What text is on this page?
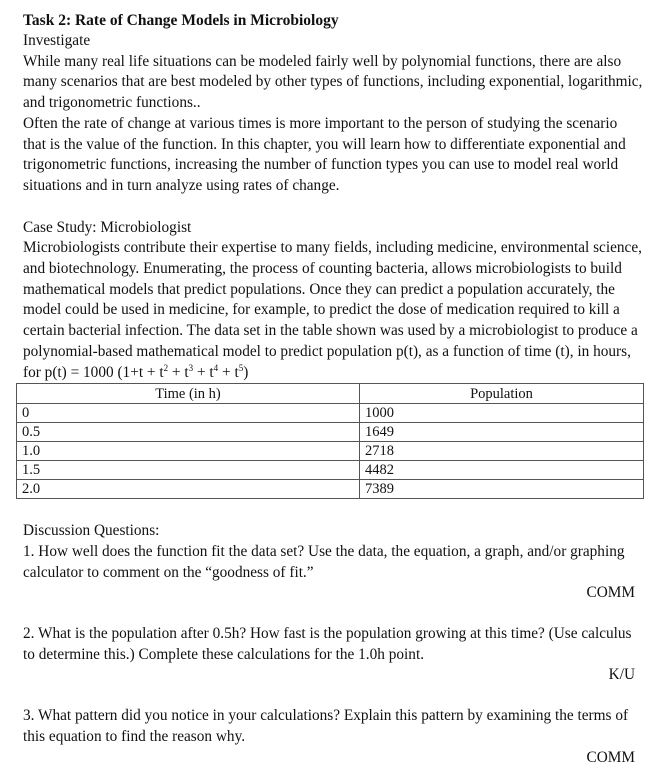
Task 2: Rate of Change Models in Microbiology
Investigate
While many real life situations can be modeled fairly well by polynomial functions, there are also many scenarios that are best modeled by other types of functions, including exponential, logarithmic, and trigonometric functions..
Often the rate of change at various times is more important to the person of studying the scenario that is the value of the function. In this chapter, you will learn how to differentiate exponential and trigonometric functions, increasing the number of function types you can use to model real world situations and in turn analyze using rates of change.
Case Study: Microbiologist
Microbiologists contribute their expertise to many fields, including medicine, environmental science, and biotechnology. Enumerating, the process of counting bacteria, allows microbiologists to build mathematical models that predict populations. Once they can predict a population accurately, the model could be used in medicine, for example, to predict the dose of medication required to kill a certain bacterial infection. The data set in the table shown was used by a microbiologist to produce a polynomial-based mathematical model to predict population p(t), as a function of time (t), in hours, for p(t) = 1000 $(1+t + t^2 + t^3 + t^4 + t^5)$
Time (in h)	Population
0	1000
0.5	1649
1.0	2718
1.5	4482
2.0	7389
Discussion Questions:
1. How well does the function fit the data set? Use the data, the equation, a graph, and/or graphing calculator to comment on the “goodness of fit.”
COMM
2. What is the population after 0.5h? How fast is the population growing at this time? (Use calculus to determine this.) Complete these calculations for the 1.0h point.
K/U
3. What pattern did you notice in your calculations? Explain this pattern by examining the terms of this equation to find the reason why.
COMM
